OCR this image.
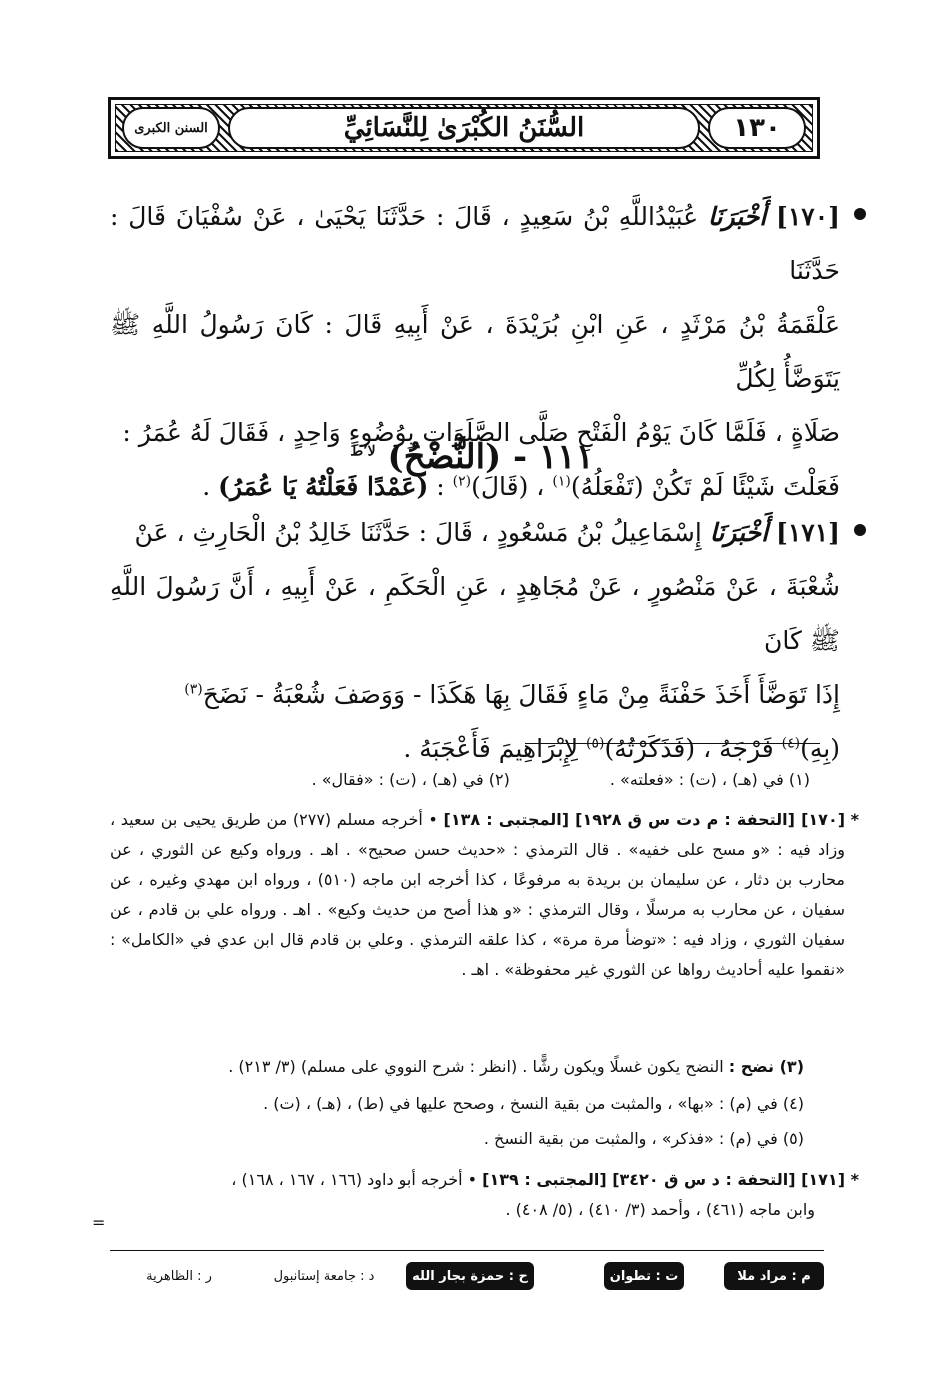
١٣٠
السُّنَنُ الكُبْرَىٰ لِلنَّسَائِيِّ
السنن الكبرى
[١٧٠] أَخْبَرَنَا عُبَيْدُاللَّهِ بْنُ سَعِيدٍ ، قَالَ : حَدَّثَنَا يَحْيَىٰ ، عَنْ سُفْيَانَ قَالَ : حَدَّثَنَا
عَلْقَمَةُ بْنُ مَرْثَدٍ ، عَنِ ابْنِ بُرَيْدَةَ ، عَنْ أَبِيهِ قَالَ : كَانَ رَسُولُ اللَّهِ ﷺ يَتَوَضَّأُ لِكُلِّ
صَلَاةٍ ، فَلَمَّا كَانَ يَوْمُ الْفَتْحِ صَلَّى الصَّلَوَاتِ بِوُضُوءٍ وَاحِدٍ ، فَقَالَ لَهُ عُمَرُ :
فَعَلْتَ شَيْئًا لَمْ تَكُنْ (تَفْعَلُهُ)$^{(١)}$ ، (قَالَ)$^{(٢)}$ : (عَمْدًا فَعَلْتُهُ يَا عُمَرُ) .
١١١ - (النَّضْحُ) $^{لا٬ط}$
[١٧١] أَخْبَرَنَا إِسْمَاعِيلُ بْنُ مَسْعُودٍ ، قَالَ : حَدَّثَنَا خَالِدُ بْنُ الْحَارِثِ ، عَنْ
شُعْبَةَ ، عَنْ مَنْصُورٍ ، عَنْ مُجَاهِدٍ ، عَنِ الْحَكَمِ ، عَنْ أَبِيهِ ، أَنَّ رَسُولَ اللَّهِ ﷺ كَانَ
إِذَا تَوَضَّأَ أَخَذَ حَفْنَةً مِنْ مَاءٍ فَقَالَ بِهَا هَكَذَا - وَوَصَفَ شُعْبَةُ - نَضَحَ$^{(٣)}$
(بِهِ)$^{(٤)}$ فَرْجَهُ ، (فَذَكَرْتُهُ)$^{(٥)}$ لِإِبْرَاهِيمَ فَأَعْجَبَهُ .
(١) في (هـ) ، (ت) : «فعلته» .
(٢) في (هـ) ، (ت) : «فقال» .
*
[١٧٠] [التحفة : م دت س ق ١٩٢٨] [المجتبى : ١٣٨] • أخرجه مسلم (٢٧٧) من طريق يحيى بن سعيد ، وزاد فيه : «و مسح على خفيه» . قال الترمذي : «حديث حسن صحيح» . اهـ . ورواه وكيع عن الثوري ، عن محارب بن دثار ، عن سليمان بن بريدة به مرفوعًا ، كذا أخرجه ابن ماجه (٥١٠) ، ورواه ابن مهدي وغيره ، عن سفيان ، عن محارب به مرسلًا ، وقال الترمذي : «و هذا أصح من حديث وكيع» . اهـ . ورواه علي بن قادم ، عن سفيان الثوري ، وزاد فيه : «توضأ مرة مرة» ، كذا علقه الترمذي . وعلي بن قادم قال ابن عدي في «الكامل» : «نقموا عليه أحاديث رواها عن الثوري غير محفوظة» . اهـ .
(٣) نضح : النضح يكون غسلًا ويكون رشًّا . (انظر : شرح النووي على مسلم) (٣/ ٢١٣) .
(٤) في (م) : «بها» ، والمثبت من بقية النسخ ، وصحح عليها في (ط) ، (هـ) ، (ت) .
(٥) في (م) : «فذكر» ، والمثبت من بقية النسخ .
*
[١٧١] [التحفة : د س ق ٣٤٢٠] [المجتبى : ١٣٩] • أخرجه أبو داود (١٦٦ ، ١٦٧ ، ١٦٨) ،
وابن ماجه (٤٦١) ، وأحمد (٣/ ٤١٠) ، (٥/ ٤٠٨) .
=
م : مراد ملا
ت : تطوان
ح : حمزة بجار الله
د : جامعة إستانبول
ر : الظاهرية
